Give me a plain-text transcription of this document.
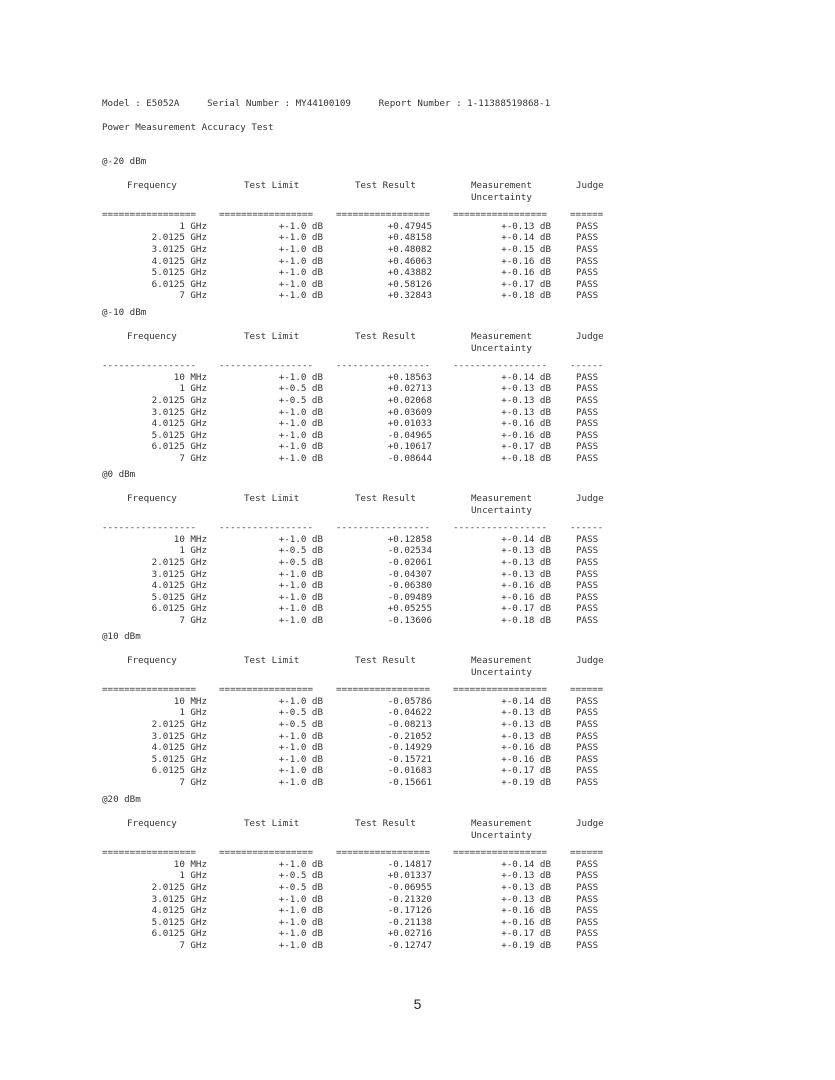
Model : E5052A	Serial Number : MY44100109	Report Number : 1-11388519868-1
Power Measurement Accuracy Test
@-20 dBm
Frequency	Test Limit	Test Result	Measurement	Judge
Uncertainty
================= ================= ================= ================= ======
1 GHz	+-1.0 dB	+0.47945	+-0.13 dB	PASS
2.0125 GHz	+-1.0 dB	+0.48158	+-0.14 dB	PASS
3.0125 GHz	+-1.0 dB	+0.48082	+-0.15 dB	PASS
4.0125 GHz	+-1.0 dB	+0.46063	+-0.16 dB	PASS
5.0125 GHz	+-1.0 dB	+0.43882	+-0.16 dB	PASS
6.0125 GHz	+-1.0 dB	+0.58126	+-0.17 dB	PASS
7 GHz	+-1.0 dB	+0.32843	+-0.18 dB	PASS
@-10 dBm
Frequency	Test Limit	Test Result	Measurement	Judge
Uncertainty
----------------- ----------------- ----------------- ----------------- ------
10 MHz	+-1.0 dB	+0.18563	+-0.14 dB	PASS
1 GHz	+-0.5 dB	+0.02713	+-0.13 dB	PASS
2.0125 GHz	+-0.5 dB	+0.02068	+-0.13 dB	PASS
3.0125 GHz	+-1.0 dB	+0.03609	+-0.13 dB	PASS
4.0125 GHz	+-1.0 dB	+0.01033	+-0.16 dB	PASS
5.0125 GHz	+-1.0 dB	-0.04965	+-0.16 dB	PASS
6.0125 GHz	+-1.0 dB	+0.10617	+-0.17 dB	PASS
7 GHz	+-1.0 dB	-0.08644	+-0.18 dB	PASS
@0 dBm
Frequency	Test Limit	Test Result	Measurement	Judge
Uncertainty
----------------- ----------------- ----------------- ----------------- ------
10 MHz	+-1.0 dB	+0.12858	+-0.14 dB	PASS
1 GHz	+-0.5 dB	-0.02534	+-0.13 dB	PASS
2.0125 GHz	+-0.5 dB	-0.02061	+-0.13 dB	PASS
3.0125 GHz	+-1.0 dB	-0.04307	+-0.13 dB	PASS
4.0125 GHz	+-1.0 dB	-0.06380	+-0.16 dB	PASS
5.0125 GHz	+-1.0 dB	-0.09489	+-0.16 dB	PASS
6.0125 GHz	+-1.0 dB	+0.05255	+-0.17 dB	PASS
7 GHz	+-1.0 dB	-0.13606	+-0.18 dB	PASS
@10 dBm
Frequency	Test Limit	Test Result	Measurement	Judge
Uncertainty
================= ================= ================= ================= ======
10 MHz	+-1.0 dB	-0.05786	+-0.14 dB	PASS
1 GHz	+-0.5 dB	-0.04622	+-0.13 dB	PASS
2.0125 GHz	+-0.5 dB	-0.08213	+-0.13 dB	PASS
3.0125 GHz	+-1.0 dB	-0.21052	+-0.13 dB	PASS
4.0125 GHz	+-1.0 dB	-0.14929	+-0.16 dB	PASS
5.0125 GHz	+-1.0 dB	-0.15721	+-0.16 dB	PASS
6.0125 GHz	+-1.0 dB	-0.01683	+-0.17 dB	PASS
7 GHz	+-1.0 dB	-0.15661	+-0.19 dB	PASS
@20 dBm
Frequency	Test Limit	Test Result	Measurement	Judge
Uncertainty
================= ================= ================= ================= ======
10 MHz	+-1.0 dB	-0.14817	+-0.14 dB	PASS
1 GHz	+-0.5 dB	+0.01337	+-0.13 dB	PASS
2.0125 GHz	+-0.5 dB	-0.06955	+-0.13 dB	PASS
3.0125 GHz	+-1.0 dB	-0.21320	+-0.13 dB	PASS
4.0125 GHz	+-1.0 dB	-0.17126	+-0.16 dB	PASS
5.0125 GHz	+-1.0 dB	-0.21138	+-0.16 dB	PASS
6.0125 GHz	+-1.0 dB	+0.02716	+-0.17 dB	PASS
7 GHz	+-1.0 dB	-0.12747	+-0.19 dB	PASS
5
